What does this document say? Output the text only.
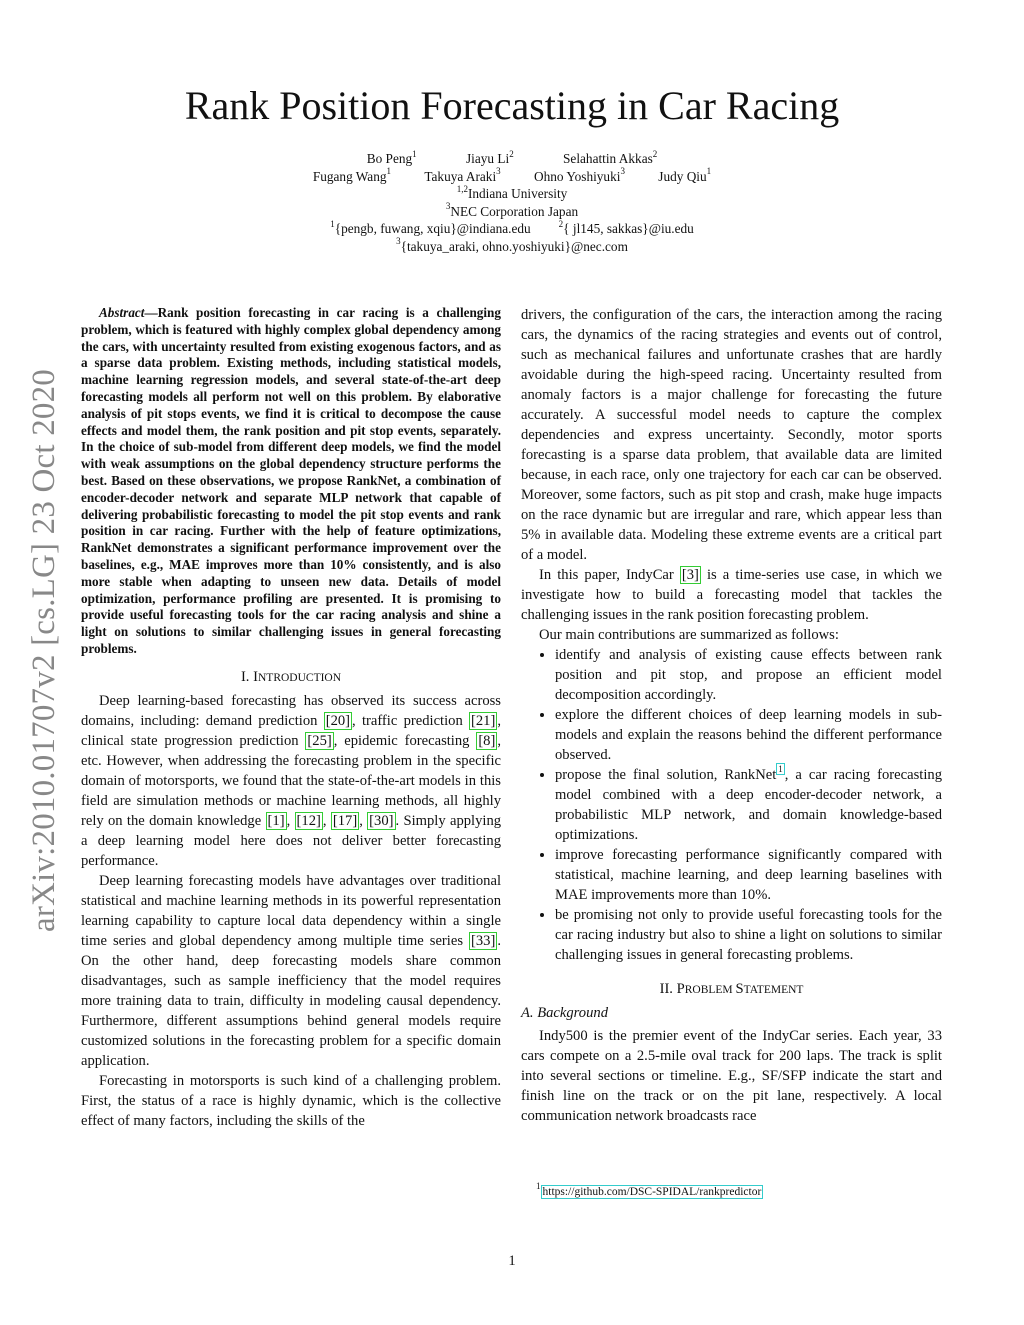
arXiv:2010.01707v2 [cs.LG] 23 Oct 2020
Rank Position Forecasting in Car Racing
Bo Peng$^1$	Jiayu Li$^2$	Selahattin Akkas$^2$
Fugang Wang$^1$	Takuya Araki$^3$	Ohno Yoshiyuki$^3$	Judy Qiu$^1$
$^{1,2}$Indiana University
$^3$NEC Corporation Japan
$^1${pengb, fuwang, xqiu}@indiana.edu	$^2${ jl145, sakkas}@iu.edu
$^3${takuya_araki, ohno.yoshiyuki}@nec.com

Abstract—Rank position forecasting in car racing is a challenging problem, which is featured with highly complex global dependency among the cars, with uncertainty resulted from existing exogenous factors, and as a sparse data problem. Existing methods, including statistical models, machine learning regression models, and several state-of-the-art deep forecasting models all perform not well on this problem. By elaborative analysis of pit stops events, we find it is critical to decompose the cause effects and model them, the rank position and pit stop events, separately. In the choice of sub-model from different deep models, we find the model with weak assumptions on the global dependency structure performs the best. Based on these observations, we propose RankNet, a combination of encoder-decoder network and separate MLP network that capable of delivering probabilistic forecasting to model the pit stop events and rank position in car racing. Further with the help of feature optimizations, RankNet demonstrates a significant performance improvement over the baselines, e.g., MAE improves more than 10% consistently, and is also more stable when adapting to unseen new data. Details of model optimization, performance profiling are presented. It is promising to provide useful forecasting tools for the car racing analysis and shine a light on solutions to similar challenging issues in general forecasting problems.

I. INTRODUCTION

Deep learning-based forecasting has observed its success across domains, including: demand prediction [20] , traffic prediction [21] , clinical state progression prediction [25] , epidemic forecasting [8] , etc. However, when addressing the forecasting problem in the specific domain of motorsports, we found that the state-of-the-art models in this field are simulation methods or machine learning methods, all highly rely on the domain knowledge [1] , [12] , [17] , [30] . Simply applying a deep learning model here does not deliver better forecasting performance.

Deep learning forecasting models have advantages over traditional statistical and machine learning methods in its powerful representation learning capability to capture local data dependency within a single time series and global dependency among multiple time series [33] . On the other hand, deep forecasting models share common disadvantages, such as sample inefficiency that the model requires more training data to train, difficulty in modeling causal dependency. Furthermore, different assumptions behind general models require customized solutions in the forecasting problem for a specific domain application.

Forecasting in motorsports is such kind of a challenging problem. First, the status of a race is highly dynamic, which is the collective effect of many factors, including the skills of the

drivers, the configuration of the cars, the interaction among the racing cars, the dynamics of the racing strategies and events out of control, such as mechanical failures and unfortunate crashes that are hardly avoidable during the high-speed racing. Uncertainty resulted from anomaly factors is a major challenge for forecasting the future accurately. A successful model needs to capture the complex dependencies and express uncertainty. Secondly, motor sports forecasting is a sparse data problem, that available data are limited because, in each race, only one trajectory for each car can be observed. Moreover, some factors, such as pit stop and crash, make huge impacts on the race dynamic but are irregular and rare, which appear less than 5% in available data. Modeling these extreme events are a critical part of a model.

In this paper, IndyCar [3] is a time-series use case, in which we investigate how to build a forecasting model that tackles the challenging issues in the rank position forecasting problem.

Our main contributions are summarized as follows:

• identify and analysis of existing cause effects between rank position and pit stop, and propose an efficient model decomposition accordingly.
• explore the different choices of deep learning models in sub-models and explain the reasons behind the different performance observed.
• propose the final solution, RankNet $^1$ , a car racing forecasting model combined with a deep encoder-decoder network, a probabilistic MLP network, and domain knowledge-based optimizations.
• improve forecasting performance significantly compared with statistical, machine learning, and deep learning baselines with MAE improvements more than 10%.
• be promising not only to provide useful forecasting tools for the car racing industry but also to shine a light on solutions to similar challenging issues in general forecasting problems.
II. PROBLEM STATEMENT
A. Background

Indy500 is the premier event of the IndyCar series. Each year, 33 cars compete on a 2.5-mile oval track for 200 laps. The track is split into several sections or timeline. E.g., SF/SFP indicate the start and finish line on the track or on the pit lane, respectively. A local communication network broadcasts race

$^1$ https://github.com/DSC-SPIDAL/rankpredictor
1
